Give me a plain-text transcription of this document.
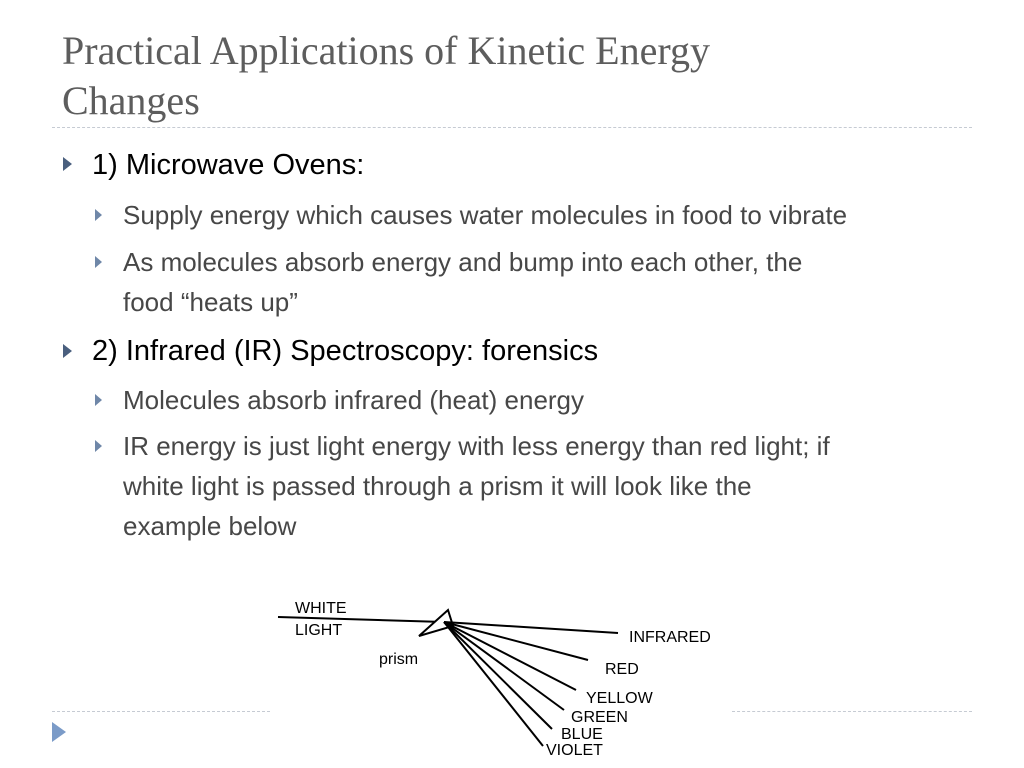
Practical Applications of Kinetic Energy
Changes
1) Microwave Ovens:
Supply energy which causes water molecules in food to vibrate
As molecules absorb energy and bump into each other, the
food “heats up”
2) Infrared (IR) Spectroscopy: forensics
Molecules absorb infrared (heat) energy
IR energy is just light energy with less energy than red light; if
white light is passed through a prism it will look like the
example below
WHITE
LIGHT
prism
INFRARED
RED
YELLOW
GREEN
BLUE
VIOLET
